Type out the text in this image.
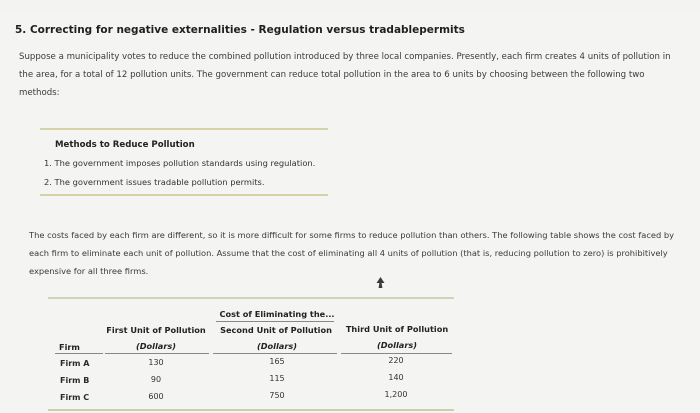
5. Correcting for negative externalities - Regulation versus tradablepermits
Suppose a municipality votes to reduce the combined pollution introduced by three local companies. Presently, each firm creates 4 units of pollution in the area, for a total of 12 pollution units. The government can reduce total pollution in the area to 6 units by choosing between the following two methods:
Methods to Reduce Pollution
1. The government imposes pollution standards using regulation.
2. The government issues tradable pollution permits.
The costs faced by each firm are different, so it is more difficult for some firms to reduce pollution than others. The following table shows the cost faced by each firm to eliminate each unit of pollution. Assume that the cost of eliminating all 4 units of pollution (that is, reducing pollution to zero) is prohibitively expensive for all three firms.
Cost of Eliminating the...
First Unit of Pollution Second Unit of Pollution Third Unit of Pollution
Firm	(Dollars)	(Dollars)	(Dollars)
Firm A	130	165	220
Firm B	90	115	140
Firm C	600	750	1,200
